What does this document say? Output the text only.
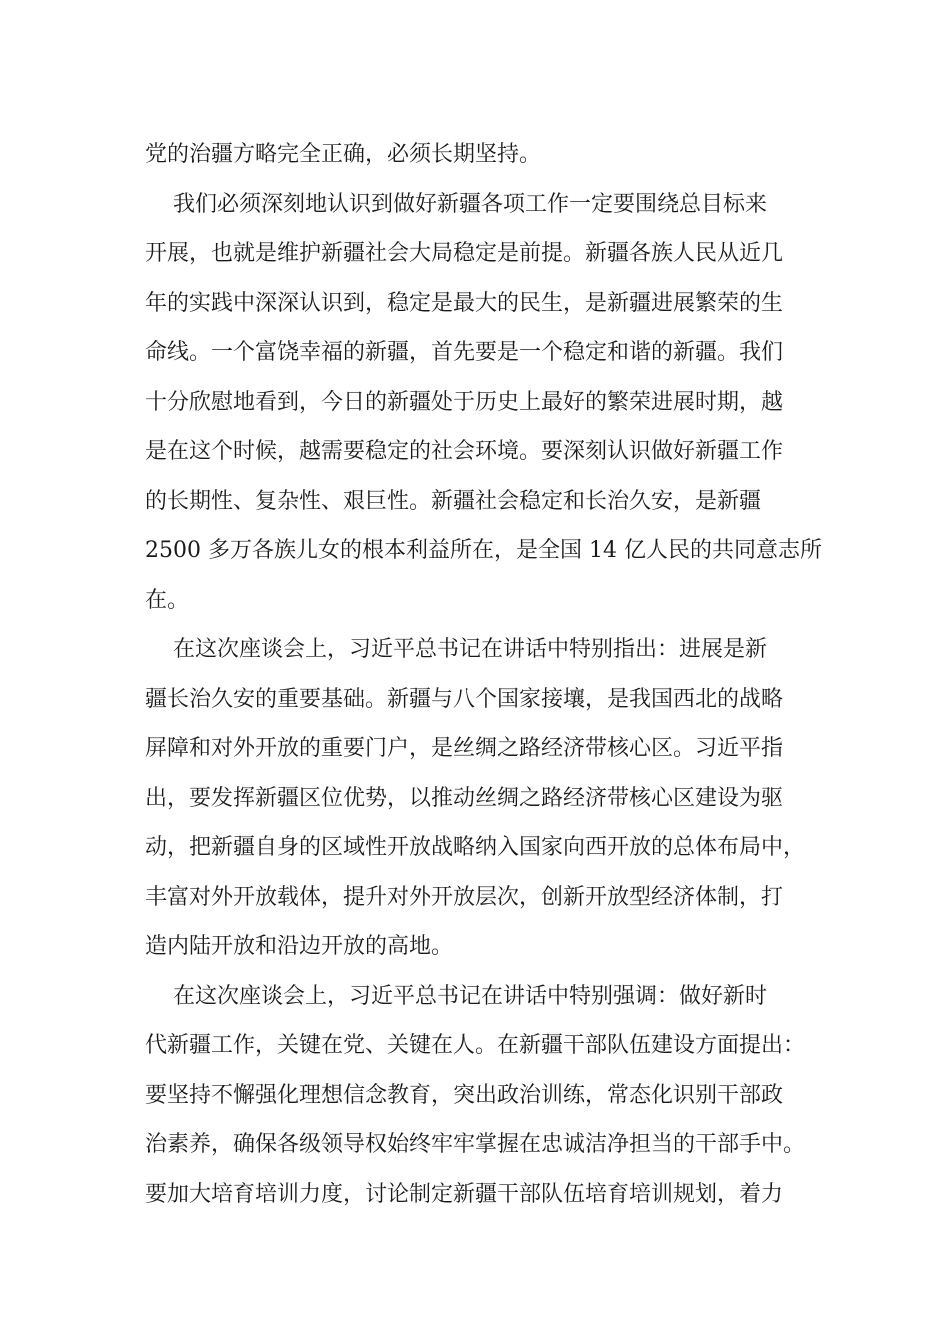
党的治疆方略完全正确，必须长期坚持。
我们必须深刻地认识到做好新疆各项工作一定要围绕总目标来
开展，也就是维护新疆社会大局稳定是前提。新疆各族人民从近几
年的实践中深深认识到，稳定是最大的民生，是新疆进展繁荣的生
命线。一个富饶幸福的新疆，首先要是一个稳定和谐的新疆。我们
十分欣慰地看到，今日的新疆处于历史上最好的繁荣进展时期，越
是在这个时候，越需要稳定的社会环境。要深刻认识做好新疆工作
的长期性、复杂性、艰巨性。新疆社会稳定和长治久安，是新疆
2500 多万各族儿女的根本利益所在，是全国 14 亿人民的共同意志所
在。
在这次座谈会上，习近平总书记在讲话中特别指出：进展是新
疆长治久安的重要基础。新疆与八个国家接壤，是我国西北的战略
屏障和对外开放的重要门户，是丝绸之路经济带核心区。习近平指
出，要发挥新疆区位优势，以推动丝绸之路经济带核心区建设为驱
动，把新疆自身的区域性开放战略纳入国家向西开放的总体布局中，
丰富对外开放载体，提升对外开放层次，创新开放型经济体制，打
造内陆开放和沿边开放的高地。
在这次座谈会上，习近平总书记在讲话中特别强调：做好新时
代新疆工作，关键在党、关键在人。在新疆干部队伍建设方面提出：
要坚持不懈强化理想信念教育，突出政治训练，常态化识别干部政
治素养，确保各级领导权始终牢牢掌握在忠诚洁净担当的干部手中。
要加大培育培训力度，讨论制定新疆干部队伍培育培训规划，着力
